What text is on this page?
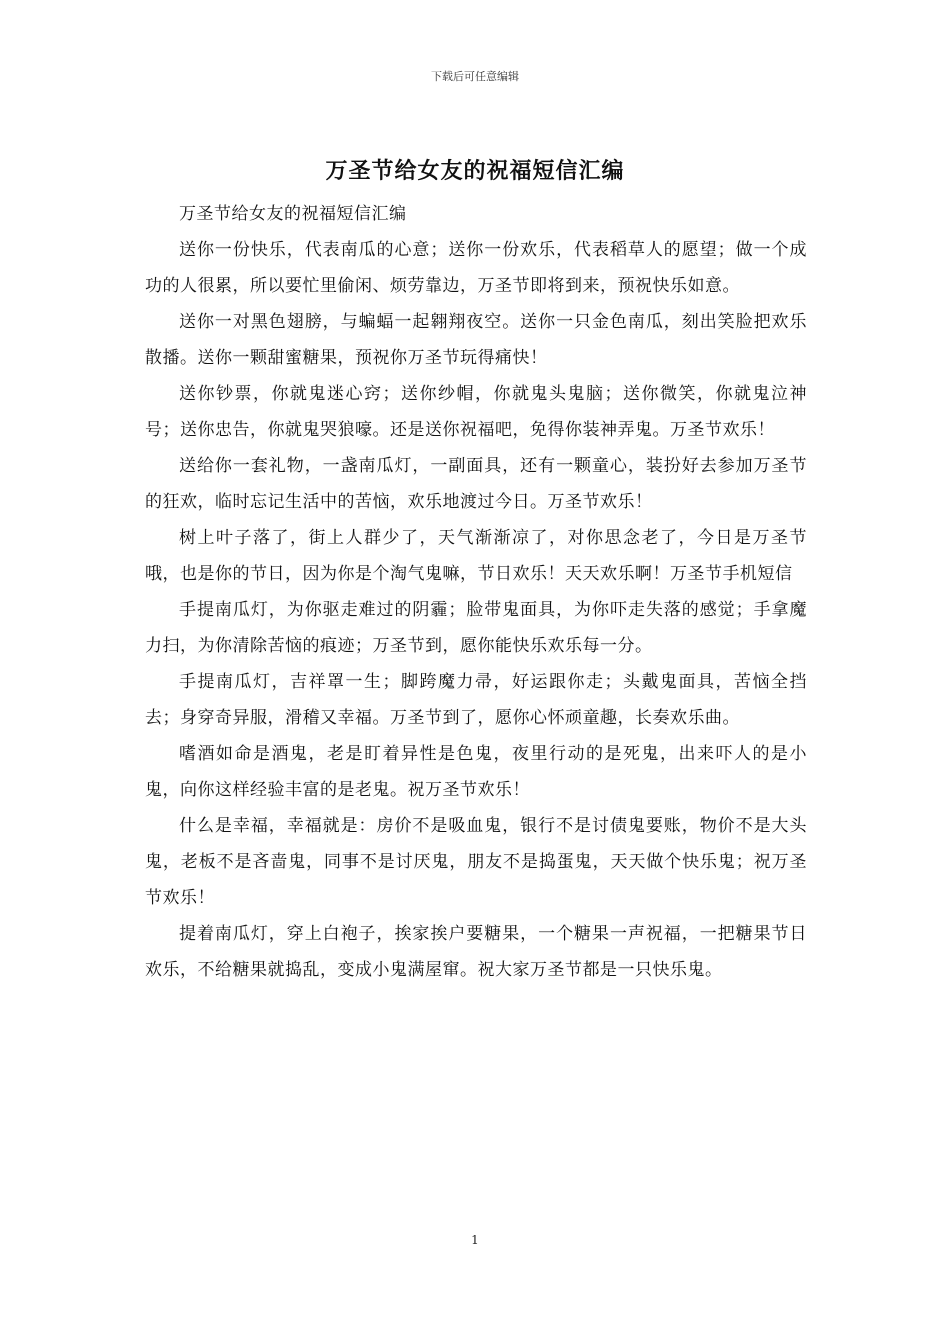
下载后可任意编辑
万圣节给女友的祝福短信汇编

万圣节给女友的祝福短信汇编

送你一份快乐，代表南瓜的心意；送你一份欢乐，代表稻草人的愿望；做一个成功的人很累，所以要忙里偷闲、烦劳靠边，万圣节即将到来，预祝快乐如意。

送你一对黑色翅膀，与蝙蝠一起翱翔夜空。送你一只金色南瓜，刻出笑脸把欢乐散播。送你一颗甜蜜糖果，预祝你万圣节玩得痛快！

送你钞票，你就鬼迷心窍；送你纱帽，你就鬼头鬼脑；送你微笑，你就鬼泣神号；送你忠告，你就鬼哭狼嚎。还是送你祝福吧，免得你装神弄鬼。万圣节欢乐！

送给你一套礼物，一盏南瓜灯，一副面具，还有一颗童心，装扮好去参加万圣节的狂欢，临时忘记生活中的苦恼，欢乐地渡过今日。万圣节欢乐！

树上叶子落了，街上人群少了，天气渐渐凉了，对你思念老了，今日是万圣节哦，也是你的节日，因为你是个淘气鬼嘛，节日欢乐！天天欢乐啊！万圣节手机短信

手提南瓜灯，为你驱走难过的阴霾；脸带鬼面具，为你吓走失落的感觉；手拿魔力扫，为你清除苦恼的痕迹；万圣节到，愿你能快乐欢乐每一分。

手提南瓜灯，吉祥罩一生；脚跨魔力帚，好运跟你走；头戴鬼面具，苦恼全挡去；身穿奇异服，滑稽又幸福。万圣节到了，愿你心怀顽童趣，长奏欢乐曲。

嗜酒如命是酒鬼，老是盯着异性是色鬼，夜里行动的是死鬼，出来吓人的是小鬼，向你这样经验丰富的是老鬼。祝万圣节欢乐！

什么是幸福，幸福就是：房价不是吸血鬼，银行不是讨债鬼要账，物价不是大头鬼，老板不是吝啬鬼，同事不是讨厌鬼，朋友不是捣蛋鬼，天天做个快乐鬼；祝万圣节欢乐！

提着南瓜灯，穿上白袍子，挨家挨户要糖果，一个糖果一声祝福，一把糖果节日欢乐，不给糖果就捣乱，变成小鬼满屋窜。祝大家万圣节都是一只快乐鬼。

1
